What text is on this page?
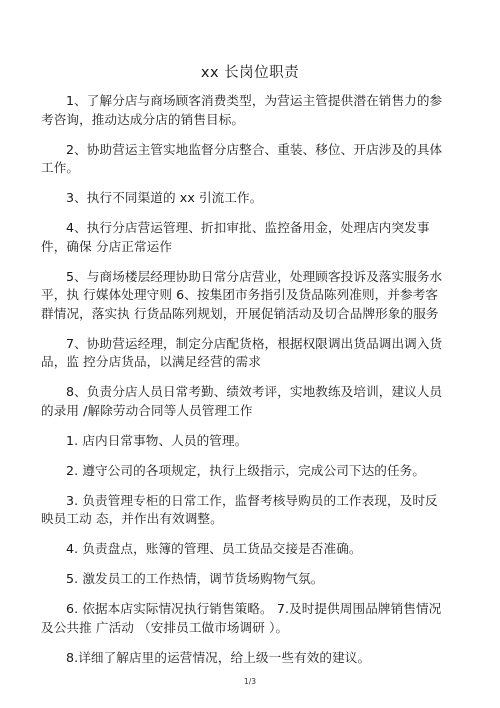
xx 长岗位职责

1、了解分店与商场顾客消费类型，为营运主管提供潜在销售力的参考咨询，推动达成分店的销售目标。

2、协助营运主管实地监督分店整合、重装、移位、开店涉及的具体工作。

3、执行不同渠道的 xx 引流工作。

4、执行分店营运管理、折扣审批、监控备用金，处理店内突发事件，确保 分店正常运作

5、与商场楼层经理协助日常分店营业，处理顾客投诉及落实服务水平，执 行媒体处理守则 6、按集团市务指引及货品陈列准则，并参考客群情况，落实执 行货品陈列规划，开展促销活动及切合品牌形象的服务

7、协助营运经理，制定分店配货格，根据权限调出货品调出调入货品，监 控分店货品，以满足经营的需求

8、负责分店人员日常考勤、绩效考评，实地教练及培训，建议人员的录用 /解除劳动合同等人员管理工作

1. 店内日常事物、人员的管理。

2. 遵守公司的各项规定，执行上级指示，完成公司下达的任务。

3. 负责管理专柜的日常工作，监督考核导购员的工作表现，及时反映员工动 态，并作出有效调整。

4. 负责盘点，账簿的管理、员工货品交接是否准确。

5. 激发员工的工作热情，调节货场购物气氛。

6. 依据本店实际情况执行销售策略。 7.及时提供周围品牌销售情况及公共推 广活动 （安排员工做市场调研 ）。

8.详细了解店里的运营情况，给上级一些有效的建议。

1/3
